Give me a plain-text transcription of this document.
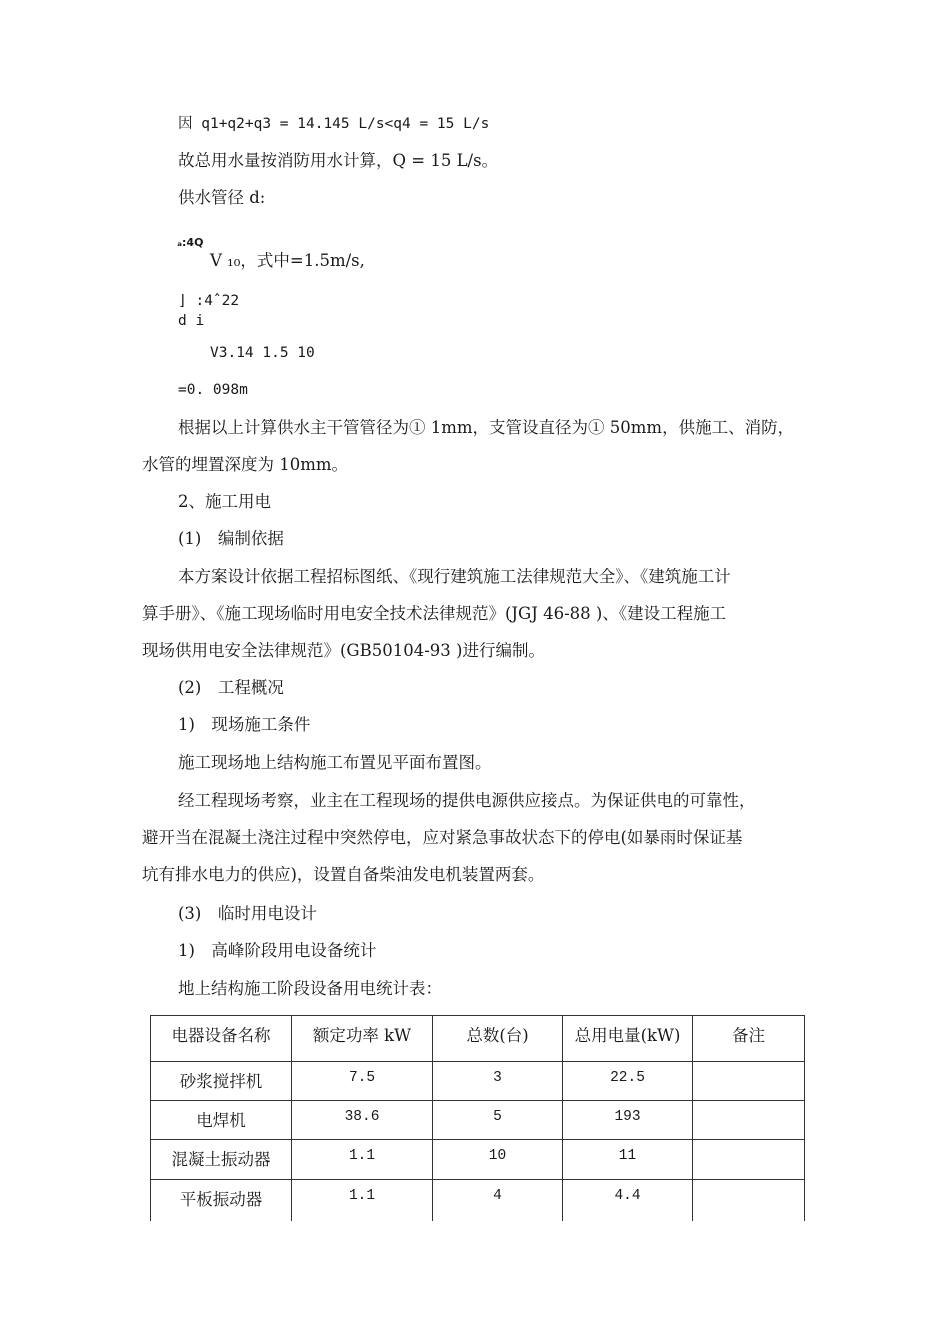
因 q1+q2+q3 = 14.145 L/s<q4 = 15 L/s
故总用水量按消防用水计算，Q = 15 L/s。
供水管径 d:
ₐ:4Q
V ₁₀，式中=1.5m/s,
⌋ :4ˆ22
d i
V3.14 1.5 10
=0. 098m
根据以上计算供水主干管管径为① 1mm，支管设直径为① 50mm，供施工、消防，
水管的埋置深度为 10mm。
2、施工用电
(1)　编制依据
本方案设计依据工程招标图纸、《现行建筑施工法律规范大全》、《建筑施工计
算手册》、《施工现场临时用电安全技术法律规范》(JGJ 46-88 )、《建设工程施工
现场供用电安全法律规范》(GB50104-93 )进行编制。
(2)　工程概况
1)　现场施工条件
施工现场地上结构施工布置见平面布置图。
经工程现场考察，业主在工程现场的提供电源供应接点。为保证供电的可靠性，
避开当在混凝土浇注过程中突然停电，应对紧急事故状态下的停电(如暴雨时保证基
坑有排水电力的供应)，设置自备柴油发电机装置两套。
(3)　临时用电设计
1)　高峰阶段用电设备统计
地上结构施工阶段设备用电统计表：
电器设备名称	额定功率 kW	总数(台)	总用电量(kW)	备注
砂浆搅拌机	7.5	3	22.5	
电焊机	38.6	5	193	
混凝土振动器	1.1	10	11	
平板振动器	1.1	4	4.4	
